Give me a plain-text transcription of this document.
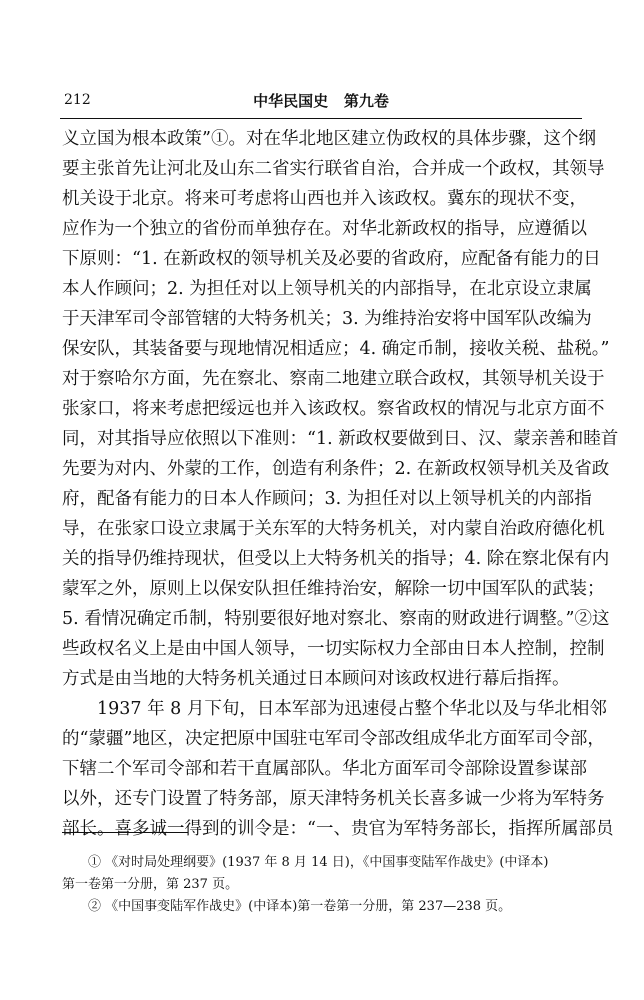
212	中华民国史   第九卷
义立国为根本政策”①。对在华北地区建立伪政权的具体步骤，这个纲
要主张首先让河北及山东二省实行联省自治，合并成一个政权，其领导
机关设于北京。将来可考虑将山西也并入该政权。冀东的现状不变，
应作为一个独立的省份而单独存在。对华北新政权的指导，应遵循以
下原则：“1. 在新政权的领导机关及必要的省政府，应配备有能力的日
本人作顾问；2. 为担任对以上领导机关的内部指导，在北京设立隶属
于天津军司令部管辖的大特务机关；3. 为维持治安将中国军队改编为
保安队，其装备要与现地情况相适应；4. 确定币制，接收关税、盐税。”
对于察哈尔方面，先在察北、察南二地建立联合政权，其领导机关设于
张家口，将来考虑把绥远也并入该政权。察省政权的情况与北京方面不
同，对其指导应依照以下准则：“1. 新政权要做到日、汉、蒙亲善和睦首
先要为对内、外蒙的工作，创造有利条件；2. 在新政权领导机关及省政
府，配备有能力的日本人作顾问；3. 为担任对以上领导机关的内部指
导，在张家口设立隶属于关东军的大特务机关，对内蒙自治政府德化机
关的指导仍维持现状，但受以上大特务机关的指导；4. 除在察北保有内
蒙军之外，原则上以保安队担任维持治安，解除一切中国军队的武装；
5. 看情况确定币制，特别要很好地对察北、察南的财政进行调整。”②这
些政权名义上是由中国人领导，一切实际权力全部由日本人控制，控制
方式是由当地的大特务机关通过日本顾问对该政权进行幕后指挥。
1937 年 8 月下旬，日本军部为迅速侵占整个华北以及与华北相邻
的“蒙疆”地区，决定把原中国驻屯军司令部改组成华北方面军司令部，
下辖二个军司令部和若干直属部队。华北方面军司令部除设置参谋部
以外，还专门设置了特务部，原天津特务机关长喜多诚一少将为军特务
部长。喜多诚一得到的训令是：“一、贵官为军特务部长，指挥所属部员
① 《对时局处理纲要》(1937 年 8 月 14 日)，《中国事变陆军作战史》(中译本)
第一卷第一分册，第 237 页。
② 《中国事变陆军作战史》(中译本)第一卷第一分册，第 237—238 页。
